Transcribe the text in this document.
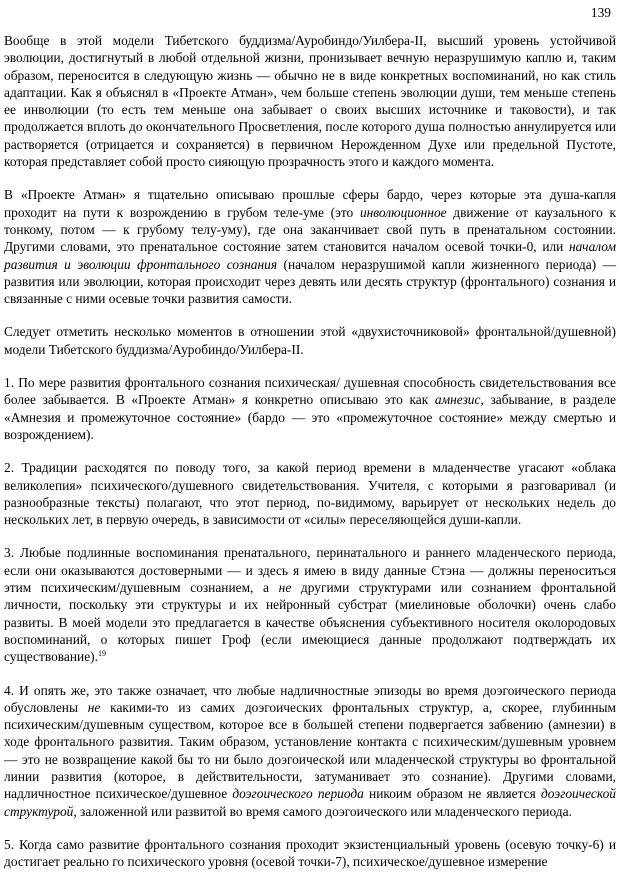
139

Вообще в этой модели Тибетского буддизма/Ауробиндо/Уилбера-II, высший уровень устойчивой эволюции, достигнутый в любой отдельной жизни, пронизывает вечную неразрушимую каплю и, таким образом, переносится в следующую жизнь — обычно не в виде конкретных воспоминаний, но как стиль адаптации. Как я объяснял в «Проекте Атман», чем больше степень эволюции души, тем меньше степень ее инволюции (то есть тем меньше она забывает о своих высших источнике и таковости), и так продолжается вплоть до окончательного Просветления, после которого душа полностью аннулируется или растворяется (отрицается и сохраняется) в первичном Нерожденном Духе или предельной Пустоте, которая представляет собой просто сияющую прозрачность этого и каждого момента.

В «Проекте Атман» я тщательно описываю прошлые сферы бардо, через которые эта душа-капля проходит на пути к возрождению в грубом теле-уме (это инволюционное движение от каузального к тонкому, потом — к грубому телу-уму), где она заканчивает свой путь в пренатальном состоянии. Другими словами, это пренатальное состояние затем становится началом осевой точки-0, или началом развития и эволюции фронтального сознания (началом неразрушимой капли жизненного периода) — развития или эволюции, которая происходит через девять или десять структур (фронтального) сознания и связанные с ними осевые точки развития самости.

Следует отметить несколько моментов в отношении этой «двухисточниковой» фронтальной/душевной) модели Тибетского буддизма/Ауробиндо/Уилбера-II.

1. По мере развития фронтального сознания психическая/ душевная способность свидетельствования все более забывается. В «Проекте Атман» я конкретно описываю это как амнезис, забывание, в разделе «Амнезия и промежуточное состояние» (бардо — это «промежуточное состояние» между смертью и возрождением).

2. Традиции расходятся по поводу того, за какой период времени в младенчестве угасают «облака великолепия» психического/душевного свидетельствования. Учителя, с которыми я разговаривал (и разнообразные тексты) полагают, что этот период, по-видимому, варьирует от нескольких недель до нескольких лет, в первую очередь, в зависимости от «силы» переселяющейся души-капли.

3. Любые подлинные воспоминания пренатального, перинатального и раннего младенческого периода, если они оказываются достоверными — и здесь я имею в виду данные Стэна — должны переноситься этим психическим/душевным сознанием, а не другими структурами или сознанием фронтальной личности, поскольку эти структуры и их нейронный субстрат (миелиновые оболочки) очень слабо развиты. В моей модели это предлагается в качестве объяснения субъективного носителя околородовых воспоминаний, о которых пишет Гроф (если имеющиеся данные продолжают подтверждать их существование).$^{19}$

4. И опять же, это также означает, что любые надличностные эпизоды во время доэгоического периода обусловлены не какими-то из самих доэгоических фронтальных структур, а, скорее, глубинным психическим/душевным существом, которое все в большей степени подвергается забвению (амнезии) в ходе фронтального развития. Таким образом, установление контакта с психическим/душевным уровнем — это не возвращение какой бы то ни было доэгоической или младенческой структуры во фронтальной линии развития (которое, в действительности, затуманивает это сознание). Другими словами, надличностное психическое/душевное доэгоического периода никоим образом не является доэгоической структурой, заложенной или развитой во время самого доэгоического или младенческого периода.

5. Когда само развитие фронтального сознания проходит экзистенциальный уровень (осевую точку-6) и достигает реально го психического уровня (осевой точки-7), психическое/душевное измерение
